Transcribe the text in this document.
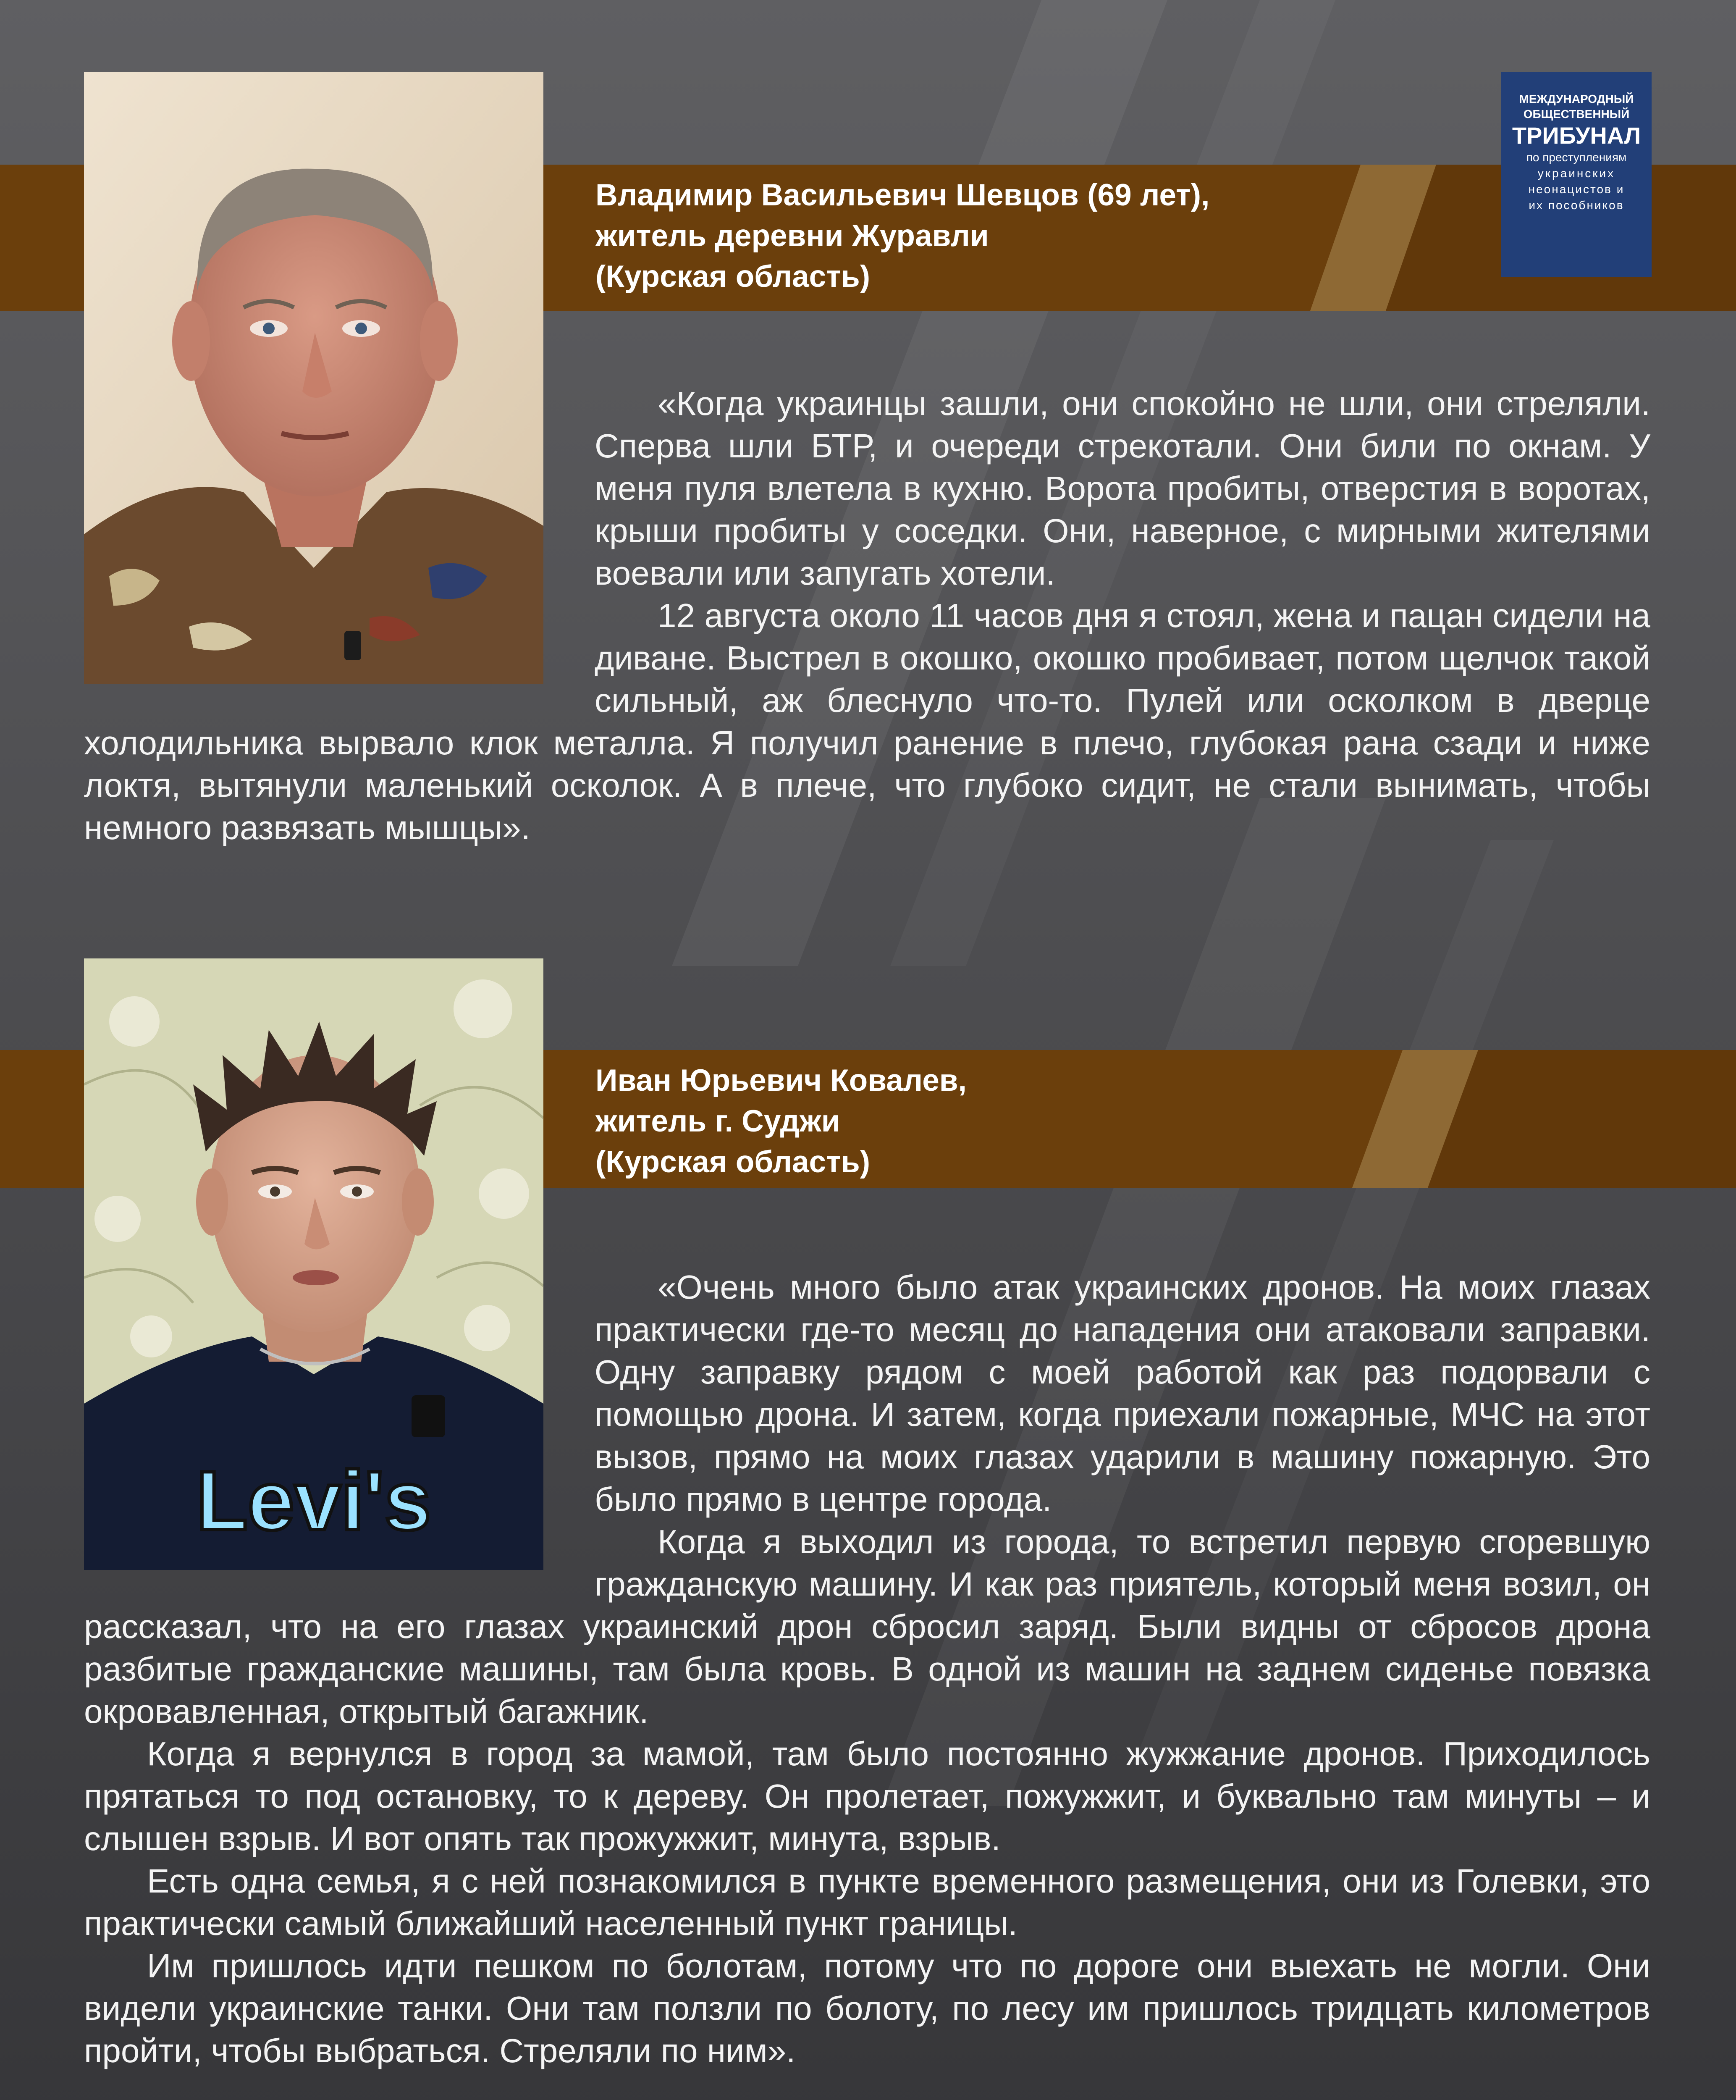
МЕЖДУНАРОДНЫЙ
ОБЩЕСТВЕННЫЙ
ТРИБУНАЛ
по преступлениям
украинских
неонацистов и
их пособников
Владимир Васильевич Шевцов (69 лет),
житель деревни Журавли
(Курская область)

«Когда украинцы зашли, они спокойно не шли, они стреляли. Сперва шли БТР, и очереди стрекотали. Они били по окнам. У меня пуля влетела в кухню. Ворота пробиты, отверстия в воротах, крыши пробиты у соседки. Они, наверное, с мирными жителями воевали или запугать хотели.

12 августа около 11 часов дня я стоял, жена и пацан сидели на диване. Выстрел в окошко, окошко пробивает, потом щелчок такой сильный, аж блеснуло что-то. Пулей или осколком в дверце холодильника вырвало клок металла. Я получил ранение в плечо, глубокая рана сзади и ниже локтя, вытянули маленький осколок. А в плече, что глубоко сидит, не стали вынимать, чтобы немного развязать мышцы».

Levi's
Иван Юрьевич Ковалев,
житель г. Суджи
(Курская область)

«Очень много было атак украинских дронов. На моих глазах практически где-то месяц до нападения они атаковали заправки. Одну заправку рядом с моей работой как раз подорвали с помощью дрона. И затем, когда приехали пожарные, МЧС на этот вызов, прямо на моих глазах ударили в машину пожарную. Это было прямо в центре города.

Когда я выходил из города, то встретил первую сгоревшую гражданскую машину. И как раз приятель, который меня возил, он рассказал, что на его глазах украинский дрон сбросил заряд. Были видны от сбросов дрона разбитые гражданские машины, там была кровь. В одной из машин на заднем сиденье повязка окровавленная, открытый багажник.

Когда я вернулся в город за мамой, там было постоянно жужжание дронов. Приходилось прятаться то под остановку, то к дереву. Он пролетает, пожужжит, и буквально там минуты – и слышен взрыв. И вот опять так прожужжит, минута, взрыв.

Есть одна семья, я с ней познакомился в пункте временного размещения, они из Голевки, это практически самый ближайший населенный пункт границы.

Им пришлось идти пешком по болотам, потому что по дороге они выехать не могли. Они видели украинские танки. Они там ползли по болоту, по лесу им пришлось тридцать километров пройти, чтобы выбраться. Стреляли по ним».
